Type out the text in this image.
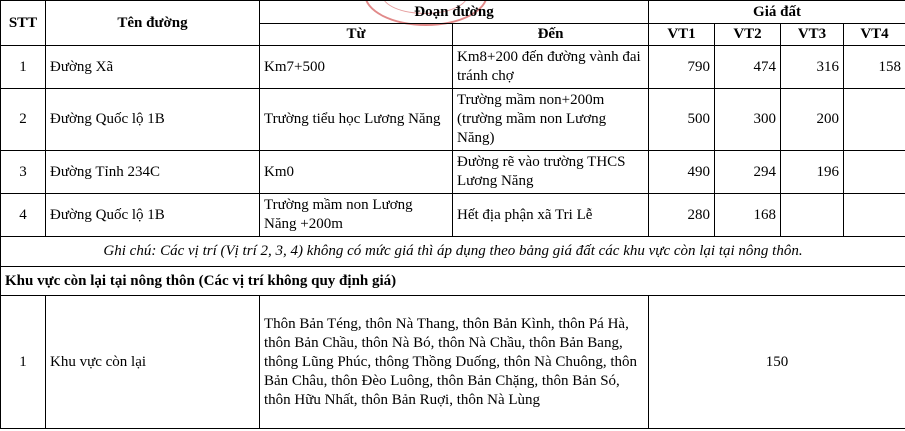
STT	Tên đường	Đoạn đường		Giá đất			
		Từ	Đến	VT1	VT2	VT3	VT4
1	Đường Xã	Km7+500	Km8+200 đến đường vành đai tránh chợ	790	474	316	158
2	Đường Quốc lộ 1B	Trường tiểu học Lương Năng	Trường mầm non+200m (trường mầm non Lương Năng)	500	300	200	
3	Đường Tỉnh 234C	Km0	Đường rẽ vào trường THCS Lương Năng	490	294	196	
4	Đường Quốc lộ 1B	Trường mầm non Lương Năng +200m	Hết địa phận xã Tri Lễ	280	168		
Ghi chú: Các vị trí (Vị trí 2, 3, 4) không có mức giá thì áp dụng theo bảng giá đất các khu vực còn lại tại nông thôn.							
Khu vực còn lại tại nông thôn (Các vị trí không quy định giá)							
1	Khu vực còn lại	Thôn Bản Téng, thôn Nà Thang, thôn Bản Kình, thôn Pá Hà, thôn Bản Chầu, thôn Nà Bó, thôn Nà Chầu, thôn Bản Bang, thông Lũng Phúc, thông Thồng Duống, thôn Nà Chuông, thôn Bản Châu, thôn Đèo Luông, thôn Bản Chặng, thôn Bản Só, thôn Hữu Nhất, thôn Bản Ruợi, thôn Nà Lùng		150			
